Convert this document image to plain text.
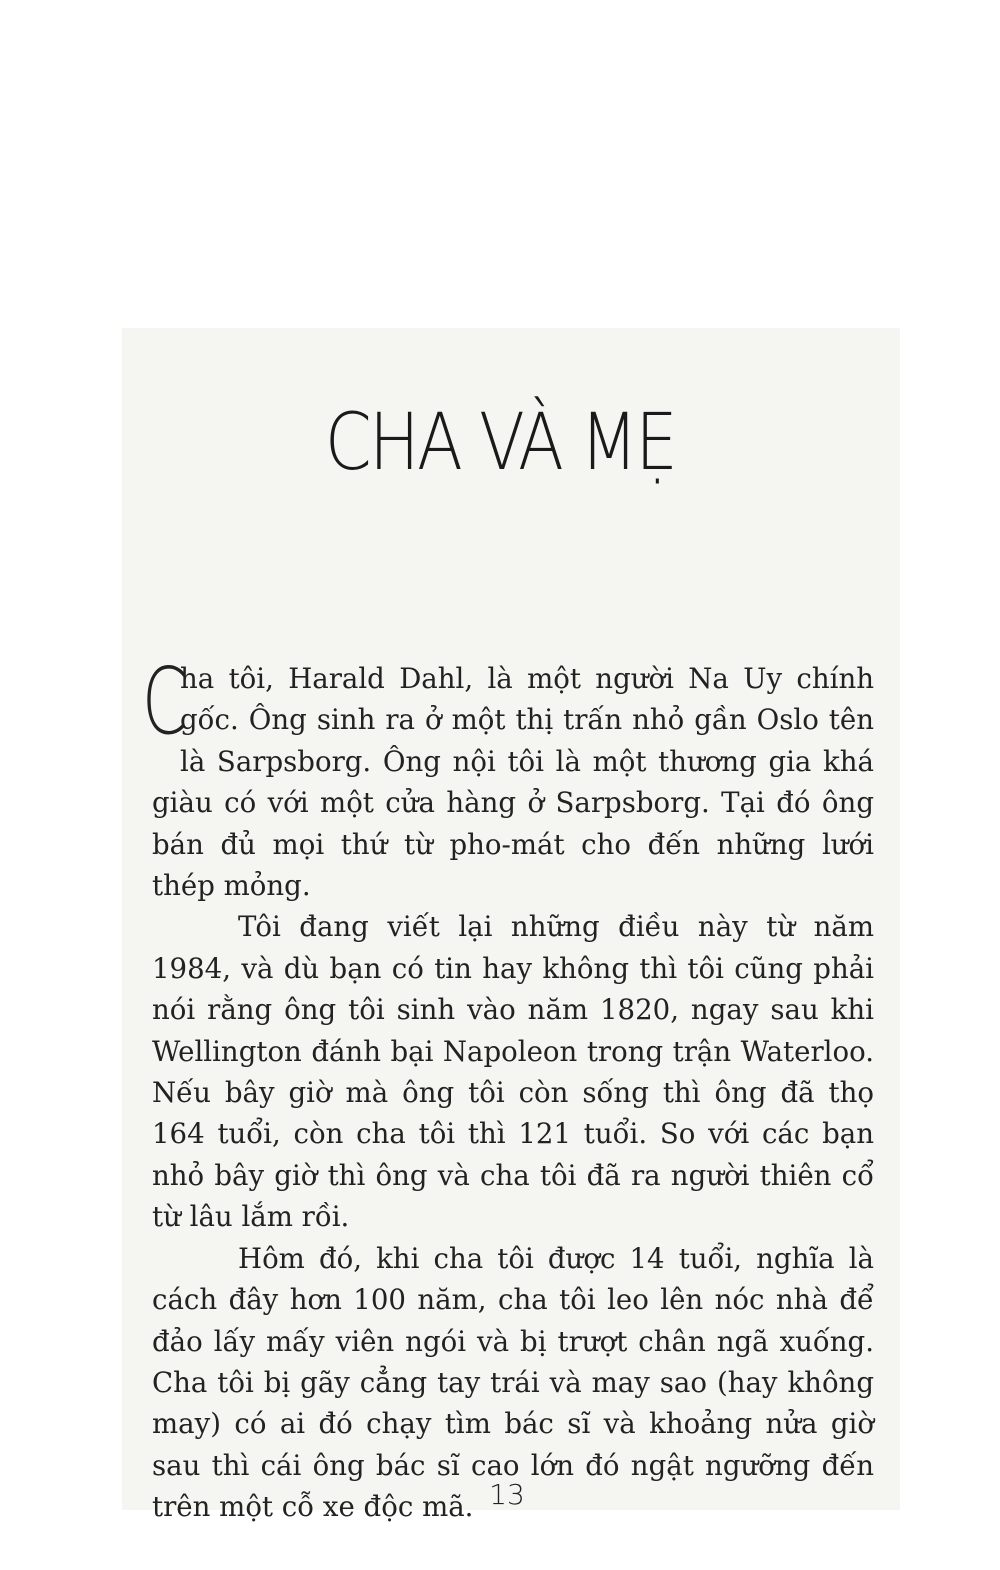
CHA VÀ MẸ

C
ha tôi, Harald Dahl, là một người Na Uy chính gốc. Ông sinh ra ở một thị trấn nhỏ gần Oslo tên là Sarpsborg. Ông nội tôi là một thương gia khá giàu có với một cửa hàng ở Sarpsborg. Tại đó ông bán đủ mọi thứ từ pho-mát cho đến những lưới thép mỏng.

Tôi đang viết lại những điều này từ năm 1984, và dù bạn có tin hay không thì tôi cũng phải nói rằng ông tôi sinh vào năm 1820, ngay sau khi Wellington đánh bại Napoleon trong trận Waterloo. Nếu bây giờ mà ông tôi còn sống thì ông đã thọ 164 tuổi, còn cha tôi thì 121 tuổi. So với các bạn nhỏ bây giờ thì ông và cha tôi đã ra người thiên cổ từ lâu lắm rồi.

Hôm đó, khi cha tôi được 14 tuổi, nghĩa là cách đây hơn 100 năm, cha tôi leo lên nóc nhà để đảo lấy mấy viên ngói và bị trượt chân ngã xuống. Cha tôi bị gãy cẳng tay trái và may sao (hay không may) có ai đó chạy tìm bác sĩ và khoảng nửa giờ sau thì cái ông bác sĩ cao lớn đó ngật ngưỡng đến trên một cỗ xe độc mã. 13
